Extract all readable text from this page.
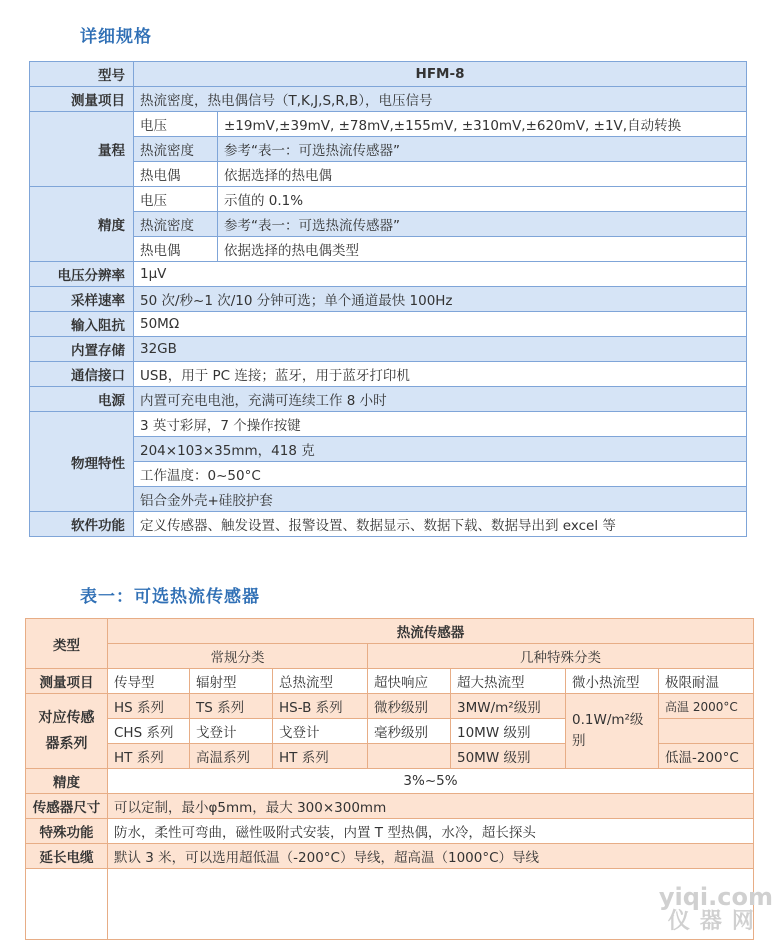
详细规格
型号	HFM-8	
测量项目	热流密度，热电偶信号（T,K,J,S,R,B），电压信号	
量程	电压	±19mV,±39mV, ±78mV,±155mV, ±310mV,±620mV, ±1V,自动转换
	热流密度	参考“表一：可选热流传感器”
	热电偶	依据选择的热电偶
精度	电压	示值的 0.1%
	热流密度	参考“表一：可选热流传感器”
	热电偶	依据选择的热电偶类型
电压分辨率	1μV	
采样速率	50 次/秒~1 次/10 分钟可选；单个通道最快 100Hz	
输入阻抗	50MΩ	
内置存储	32GB	
通信接口	USB，用于 PC 连接；蓝牙，用于蓝牙打印机	
电源	内置可充电电池，充满可连续工作 8 小时	
物理特性	3 英寸彩屏，7 个操作按键	
	204×103×35mm，418 克	
	工作温度：0~50°C	
	铝合金外壳+硅胶护套	
软件功能	定义传感器、触发设置、报警设置、数据显示、数据下载、数据导出到 excel 等	
表一：可选热流传感器
类型	热流传感器						
	常规分类			几种特殊分类			
测量项目	传导型	辐射型	总热流型	超快响应	超大热流型	微小热流型	极限耐温
对应传感器系列	HS 系列	TS 系列	HS-B 系列	微秒级别	3MW/m²级别	0.1W/m²级别	高温 2000°C
	CHS 系列	戈登计	戈登计	毫秒级别	10MW 级别		
	HT 系列	高温系列	HT 系列		50MW 级别		低温-200°C
精度	3%~5%						
传感器尺寸	可以定制，最小φ5mm，最大 300×300mm						
特殊功能	防水，柔性可弯曲，磁性吸附式安装，内置 T 型热偶，水冷，超长探头						
延长电缆	默认 3 米，可以选用超低温（-200°C）导线，超高温（1000°C）导线						

yiqi.com
仪器网
